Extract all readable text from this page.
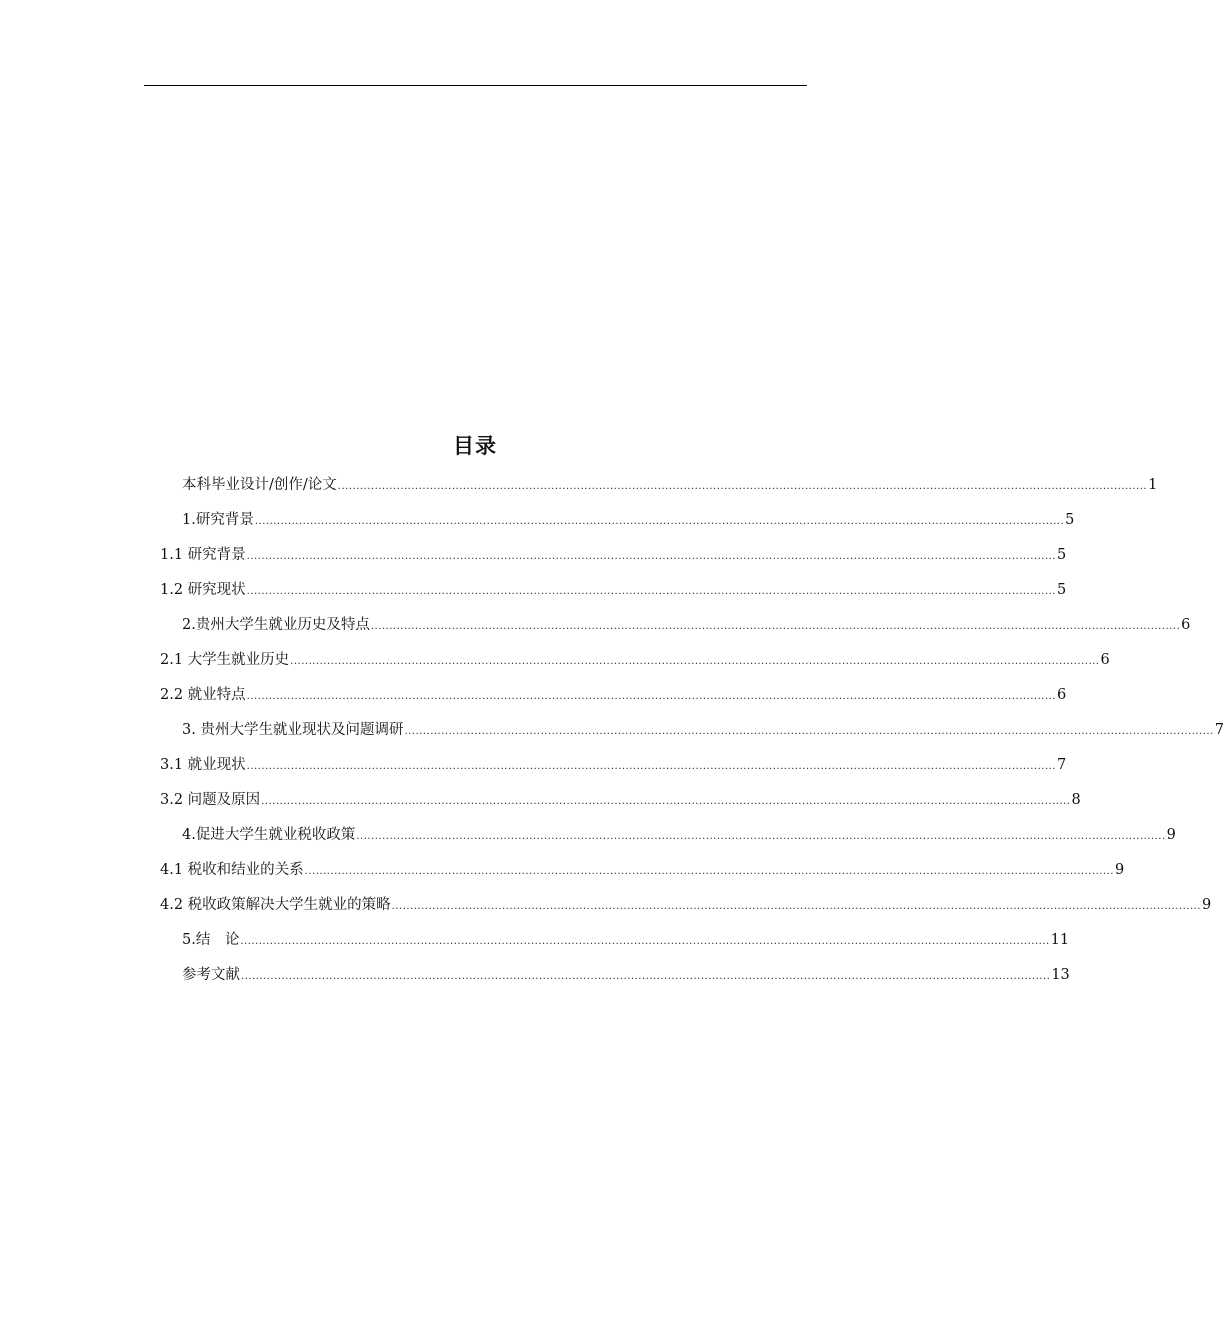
目录
本科毕业设计/创作/论文 ............................................................................................................................................................................................................................ 1
1.研究背景 ............................................................................................................................................................................................................................ 5
1.1 研究背景 ............................................................................................................................................................................................................................ 5
1.2 研究现状 ............................................................................................................................................................................................................................ 5
2.贵州大学生就业历史及特点 ............................................................................................................................................................................................................................ 6
2.1 大学生就业历史 ............................................................................................................................................................................................................................ 6
2.2 就业特点 ............................................................................................................................................................................................................................ 6
3. 贵州大学生就业现状及问题调研 ............................................................................................................................................................................................................................ 7
3.1 就业现状 ............................................................................................................................................................................................................................ 7
3.2 问题及原因 ............................................................................................................................................................................................................................ 8
4.促进大学生就业税收政策 ............................................................................................................................................................................................................................ 9
4.1 税收和结业的关系 ............................................................................................................................................................................................................................ 9
4.2 税收政策解决大学生就业的策略 ............................................................................................................................................................................................................................ 9
5.结　论 ............................................................................................................................................................................................................................ 11
参考文献 ............................................................................................................................................................................................................................ 13
